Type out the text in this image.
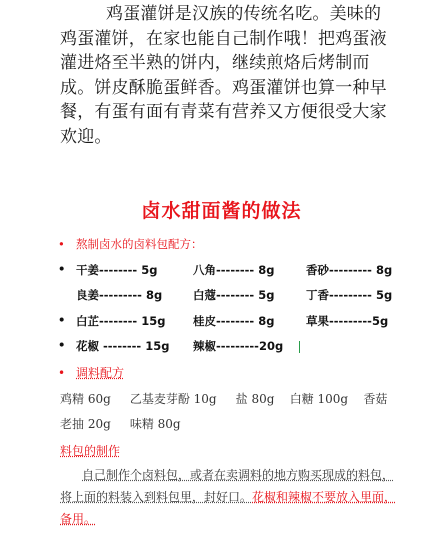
鸡蛋灌饼是汉族的传统名吃。美味的
鸡蛋灌饼，在家也能自己制作哦！把鸡蛋液
灌进烙至半熟的饼内，继续煎烙后烤制而
成。饼皮酥脆蛋鲜香。鸡蛋灌饼也算一种早
餐，有蛋有面有青菜有营养又方便很受大家
欢迎。
卤水甜面酱的做法
• 熬制卤水的卤料包配方：
• 干姜-------- 5g	八角-------- 8g	香砂--------- 8g
良姜--------- 8g	白蔻-------- 5g	丁香--------- 5g
• 白芷-------- 15g 桂皮-------- 8g	草果---------5g
• 花椒 -------- 15g 辣椒---------20g
• 调料配方
鸡精 60g     乙基麦芽酚 10g     盐 80g    白糖 100g    香菇
老抽 20g     味精 80g
料包的制作
自己制作个卤料包，或者在卖调料的地方购买现成的料包，将上面的料装入到料包里，封好口。花椒和辣椒不要放入里面，备用。
